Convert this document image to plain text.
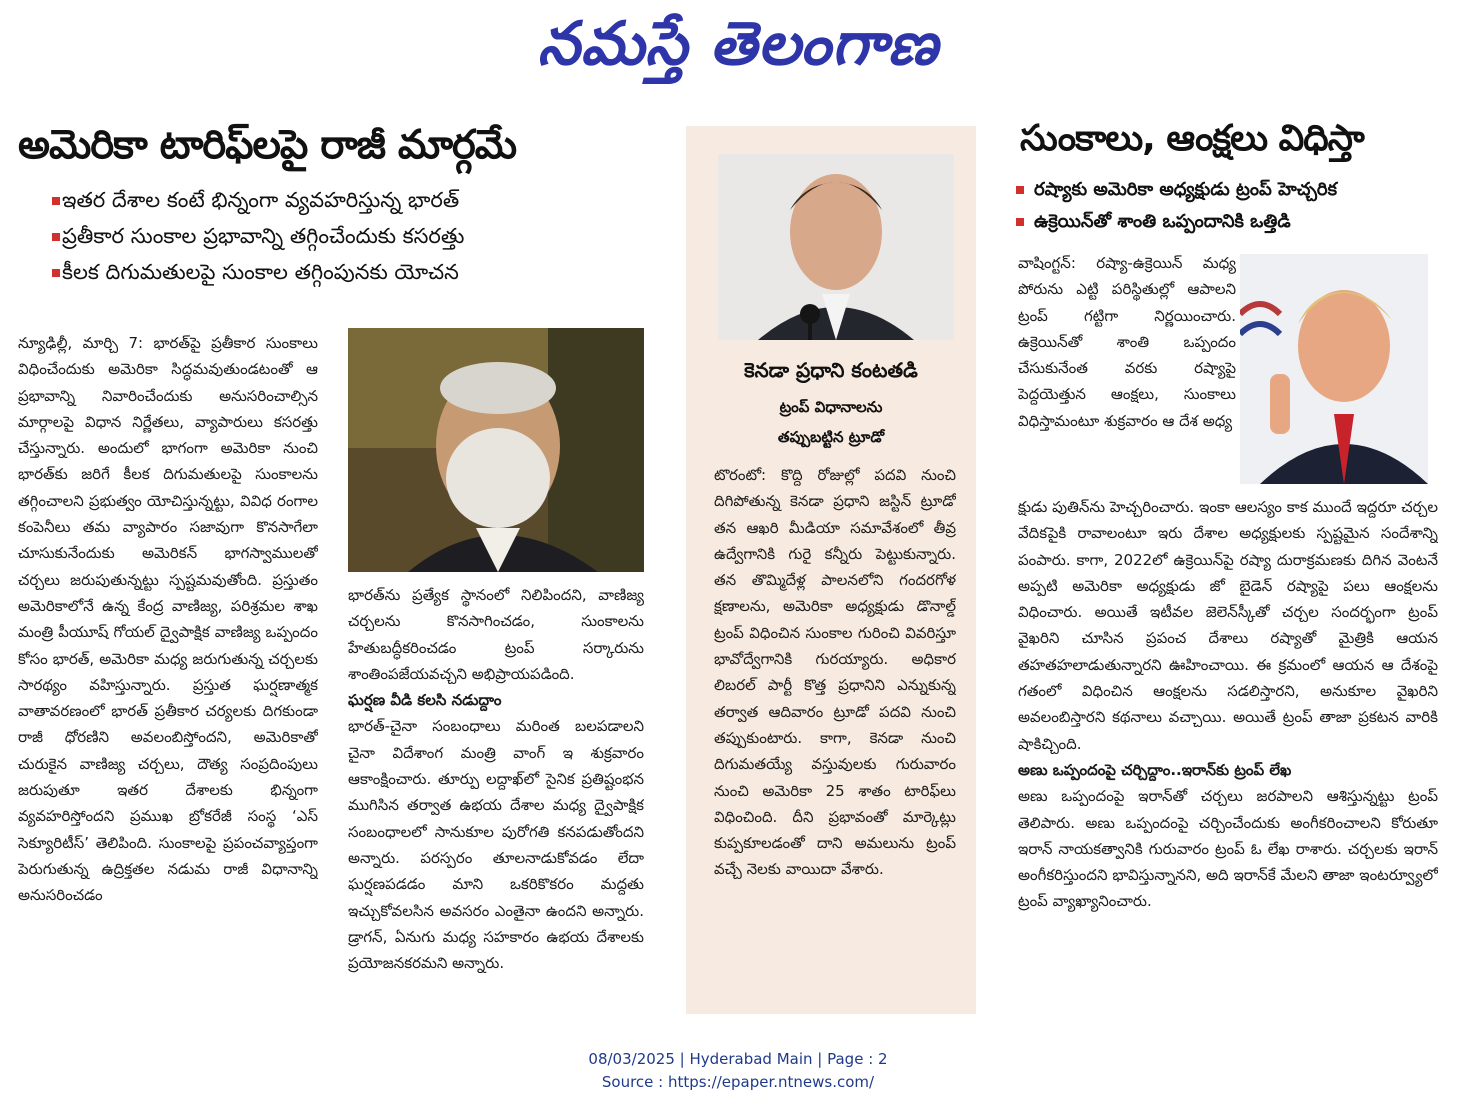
నమస్తే తెలంగాణ
అమెరికా టారిఫ్‌లపై రాజీ మార్గమే
ఇతర దేశాల కంటే భిన్నంగా వ్యవహరిస్తున్న భారత్
ప్రతీకార సుంకాల ప్రభావాన్ని తగ్గించేందుకు కసరత్తు
కీలక దిగుమతులపై సుంకాల తగ్గింపునకు యోచన

న్యూఢిల్లీ, మార్చి 7: భారత్‌పై ప్రతీకార సుంకాలు విధించేందుకు అమెరికా సిద్ధమవుతుండటంతో ఆ ప్రభావాన్ని నివారించేందుకు అనుసరించాల్సిన మార్గాలపై విధాన నిర్ణేతలు, వ్యాపారులు కసరత్తు చేస్తున్నారు. అందులో భాగంగా అమెరికా నుంచి భారత్‌కు జరిగే కీలక దిగుమతులపై సుంకాలను తగ్గించాలని ప్రభుత్వం యోచిస్తున్నట్టు, వివిధ రంగాల కంపెనీలు తమ వ్యాపారం సజావుగా కొనసాగేలా చూసుకునేందుకు అమెరికన్ భాగస్వాములతో చర్చలు జరుపుతున్నట్టు స్పష్టమవుతోంది. ప్రస్తుతం అమెరికాలోనే ఉన్న కేంద్ర వాణిజ్య, పరిశ్రమల శాఖ మంత్రి పీయూష్ గోయల్ ద్వైపాక్షిక వాణిజ్య ఒప్పందం కోసం భారత్, అమెరికా మధ్య జరుగుతున్న చర్చలకు సారథ్యం వహిస్తున్నారు. ప్రస్తుత ఘర్షణాత్మక వాతావరణంలో భారత్ ప్రతీకార చర్యలకు దిగకుండా రాజీ ధోరణిని అవలంబిస్తోందని, అమెరికాతో చురుకైన వాణిజ్య చర్చలు, దౌత్య సంప్రదింపులు జరుపుతూ ఇతర దేశాలకు భిన్నంగా వ్యవహరిస్తోందని ప్రముఖ బ్రోకరేజీ సంస్థ ‘ఎస్ సెక్యూరిటీస్’ తెలిపింది. సుంకాలపై ప్రపంచవ్యాప్తంగా పెరుగుతున్న ఉద్రిక్తతల నడుమ రాజీ విధానాన్ని అనుసరించడం

భారత్‌ను ప్రత్యేక స్థానంలో నిలిపిందని, వాణిజ్య చర్చలను కొనసాగించడం, సుంకాలను హేతుబద్ధీకరించడం ట్రంప్ సర్కారును శాంతింపజేయవచ్చని అభిప్రాయపడింది.

ఘర్షణ వీడి కలసి నడుద్దాం

భారత్-చైనా సంబంధాలు మరింత బలపడాలని చైనా విదేశాంగ మంత్రి వాంగ్ ఇ శుక్రవారం ఆకాంక్షించారు. తూర్పు లద్దాఖ్‌లో సైనిక ప్రతిష్టంభన ముగిసిన తర్వాత ఉభయ దేశాల మధ్య ద్వైపాక్షిక సంబంధాలలో సానుకూల పురోగతి కనపడుతోందని అన్నారు. పరస్పరం తూలనాడుకోవడం లేదా ఘర్షణపడడం మాని ఒకరికొకరం మద్దతు ఇచ్చుకోవలసిన అవసరం ఎంతైనా ఉందని అన్నారు. డ్రాగన్, ఏనుగు మధ్య సహకారం ఉభయ దేశాలకు ప్రయోజనకరమని అన్నారు.

కెనడా ప్రధాని కంటతడి
ట్రంప్ విధానాలను తప్పుబట్టిన ట్రూడో
టొరంటో: కొద్ది రోజుల్లో పదవి నుంచి దిగిపోతున్న కెనడా ప్రధాని జస్టిన్ ట్రూడో తన ఆఖరి మీడియా సమావేశంలో తీవ్ర ఉద్వేగానికి గురై కన్నీరు పెట్టుకున్నారు. తన తొమ్మిదేళ్ల పాలనలోని గందరగోళ క్షణాలను, అమెరికా అధ్యక్షుడు డొనాల్డ్ ట్రంప్ విధించిన సుంకాల గురించి వివరిస్తూ భావోద్వేగానికి గురయ్యారు. అధికార లిబరల్ పార్టీ కొత్త ప్రధానిని ఎన్నుకున్న తర్వాత ఆదివారం ట్రూడో పదవి నుంచి తప్పుకుంటారు. కాగా, కెనడా నుంచి దిగుమతయ్యే వస్తువులకు గురువారం నుంచి అమెరికా 25 శాతం టారిఫ్‌లు విధించింది. దీని ప్రభావంతో మార్కెట్లు కుప్పకూలడంతో దాని అమలును ట్రంప్ వచ్చే నెలకు వాయిదా వేశారు.
సుంకాలు, ఆంక్షలు విధిస్తా
రష్యాకు అమెరికా అధ్యక్షుడు ట్రంప్ హెచ్చరిక
ఉక్రెయిన్‌తో శాంతి ఒప్పందానికి ఒత్తిడి
వాషింగ్టన్: రష్యా-ఉక్రెయిన్ మధ్య పోరును ఎట్టి పరిస్థితుల్లో ఆపాలని ట్రంప్ గట్టిగా నిర్ణయించారు. ఉక్రెయిన్‌తో శాంతి ఒప్పందం చేసుకునేంత వరకు రష్యాపై పెద్దయెత్తున ఆంక్షలు, సుంకాలు విధిస్తామంటూ శుక్రవారం ఆ దేశ అధ్య

క్షుడు పుతిన్‌ను హెచ్చరించారు. ఇంకా ఆలస్యం కాక ముందే ఇద్దరూ చర్చల వేదికపైకి రావాలంటూ ఇరు దేశాల అధ్యక్షులకు స్పష్టమైన సందేశాన్ని పంపారు. కాగా, 2022లో ఉక్రెయిన్‌పై రష్యా దురాక్రమణకు దిగిన వెంటనే అప్పటి అమెరికా అధ్యక్షుడు జో బైడెన్ రష్యాపై పలు ఆంక్షలను విధించారు. అయితే ఇటీవల జెలెన్‌స్కీతో చర్చల సందర్భంగా ట్రంప్ వైఖరిని చూసిన ప్రపంచ దేశాలు రష్యాతో మైత్రికి ఆయన తహతహలాడుతున్నారని ఊహించాయి. ఈ క్రమంలో ఆయన ఆ దేశంపై గతంలో విధించిన ఆంక్షలను సడలిస్తారని, అనుకూల వైఖరిని అవలంబిస్తారని కథనాలు వచ్చాయి. అయితే ట్రంప్ తాజా ప్రకటన వారికి షాకిచ్చింది.

అణు ఒప్పందంపై చర్చిద్దాం..ఇరాన్‌కు ట్రంప్ లేఖ

అణు ఒప్పందంపై ఇరాన్‌తో చర్చలు జరపాలని ఆశిస్తున్నట్టు ట్రంప్ తెలిపారు. అణు ఒప్పందంపై చర్చించేందుకు అంగీకరించాలని కోరుతూ ఇరాన్ నాయకత్వానికి గురువారం ట్రంప్ ఓ లేఖ రాశారు. చర్చలకు ఇరాన్ అంగీకరిస్తుందని భావిస్తున్నానని, అది ఇరాన్‌కే మేలని తాజా ఇంటర్వ్యూలో ట్రంప్ వ్యాఖ్యానించారు.

08/03/2025 | Hyderabad Main | Page : 2
Source : https://epaper.ntnews.com/
